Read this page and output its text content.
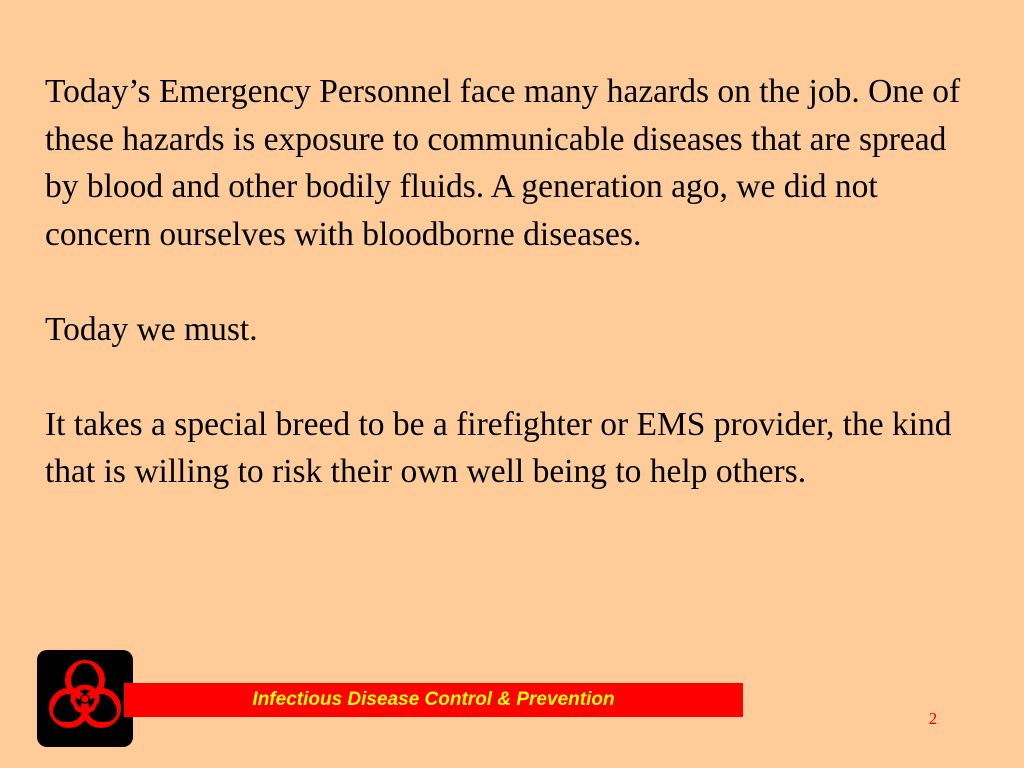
Today’s Emergency Personnel face many hazards on the job. One of these hazards is exposure to communicable diseases that are spread by blood and other bodily fluids. A generation ago, we did not concern ourselves with bloodborne diseases.

Today we must.

It takes a special breed to be a firefighter or EMS provider, the kind that is willing to risk their own well being to help others.

Infectious Disease Control & Prevention
2
